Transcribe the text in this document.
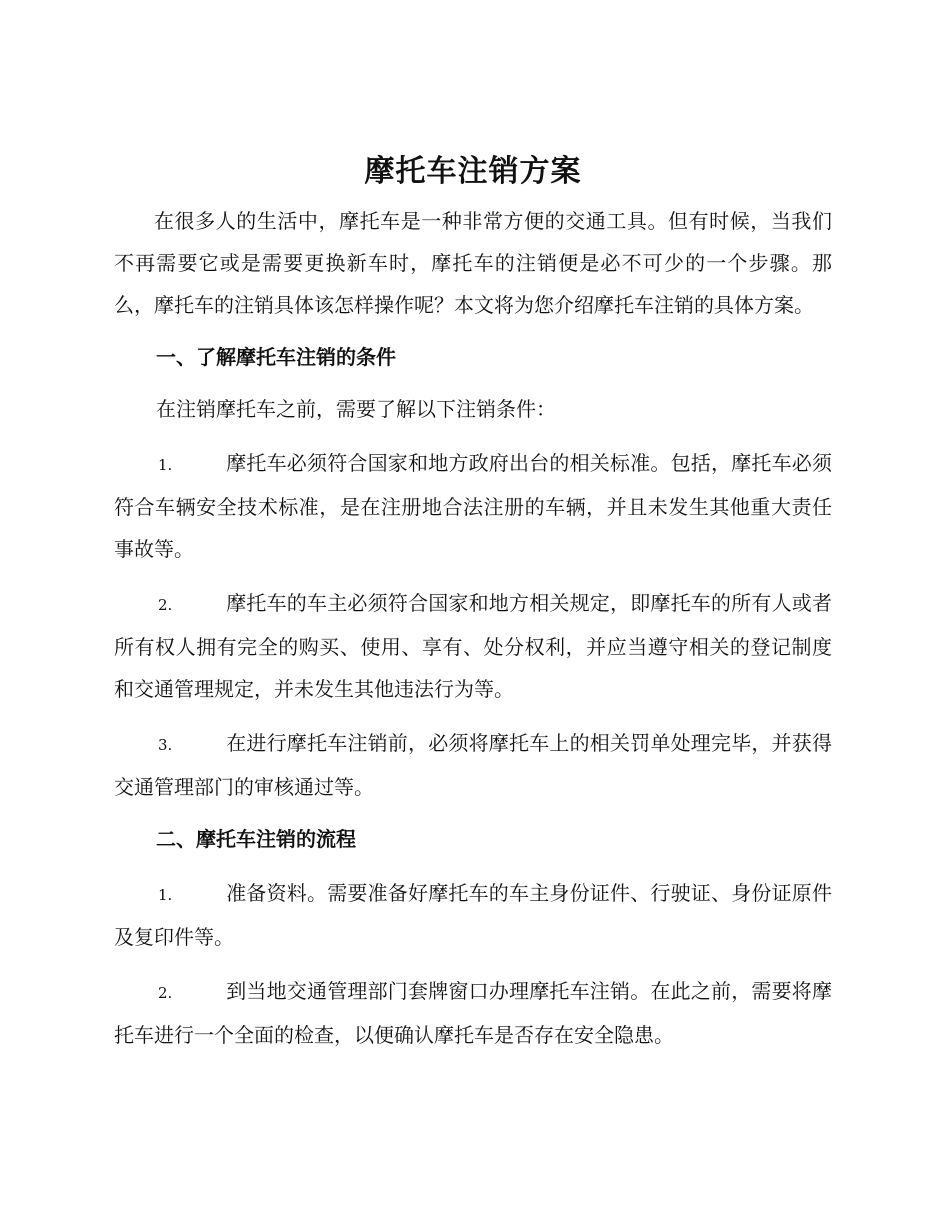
摩托车注销方案

在很多人的生活中，摩托车是一种非常方便的交通工具。但有时候，当我们不再需要它或是需要更换新车时，摩托车的注销便是必不可少的一个步骤。那么，摩托车的注销具体该怎样操作呢？本文将为您介绍摩托车注销的具体方案。

一、了解摩托车注销的条件

在注销摩托车之前，需要了解以下注销条件：

1.	摩托车必须符合国家和地方政府出台的相关标准。包括，摩托车必须符合车辆安全技术标准，是在注册地合法注册的车辆，并且未发生其他重大责任事故等。

2.	摩托车的车主必须符合国家和地方相关规定，即摩托车的所有人或者所有权人拥有完全的购买、使用、享有、处分权利，并应当遵守相关的登记制度和交通管理规定，并未发生其他违法行为等。

3.	在进行摩托车注销前，必须将摩托车上的相关罚单处理完毕，并获得交通管理部门的审核通过等。

二、摩托车注销的流程

1.	准备资料。需要准备好摩托车的车主身份证件、行驶证、身份证原件及复印件等。

2.	到当地交通管理部门套牌窗口办理摩托车注销。在此之前，需要将摩托车进行一个全面的检查，以便确认摩托车是否存在安全隐患。
